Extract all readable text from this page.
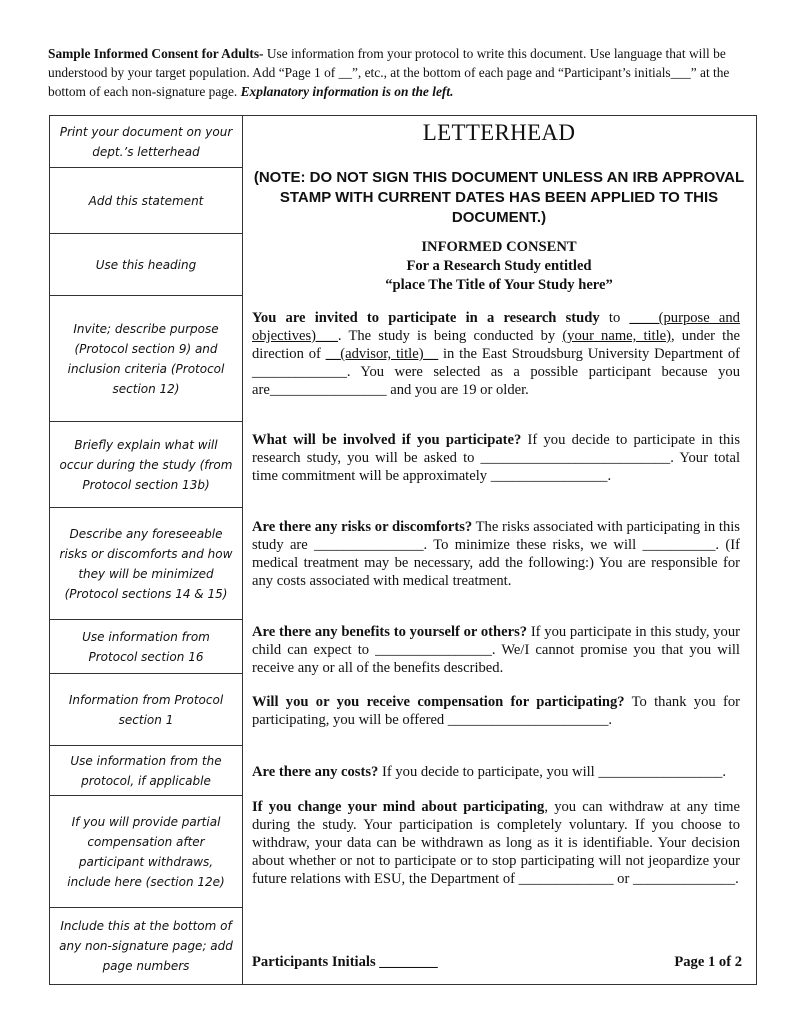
Sample Informed Consent for Adults- Use information from your protocol to write this document. Use language that will be understood by your target population. Add “Page 1 of __”, etc., at the bottom of each page and “Participant’s initials___” at the bottom of each non-signature page. Explanatory information is on the left.
Print your document on your dept.’s letterhead
Add this statement
Use this heading
Invite; describe purpose (Protocol section 9) and inclusion criteria (Protocol section 12)
Briefly explain what will occur during the study (from Protocol section 13b)
Describe any foreseeable risks or discomforts and how they will be minimized (Protocol sections 14 & 15)
Use information from Protocol section 16
Information from Protocol section 1
Use information from the protocol, if applicable
If you will provide partial compensation after participant withdraws, include here (section 12e)
Include this at the bottom of any non-signature page; add page numbers
LETTERHEAD
(NOTE: DO NOT SIGN THIS DOCUMENT UNLESS AN IRB APPROVAL STAMP WITH CURRENT DATES HAS BEEN APPLIED TO THIS DOCUMENT.)
INFORMED CONSENT
For a Research Study entitled
“place The Title of Your Study here”
You are invited to participate in a research study to ____(purpose and objectives)___. The study is being conducted by (your name, title), under the direction of __(advisor, title)__ in the East Stroudsburg University Department of _____________. You were selected as a possible participant because you are________________ and you are 19 or older.
What will be involved if you participate? If you decide to participate in this research study, you will be asked to __________________________. Your total time commitment will be approximately ________________.
Are there any risks or discomforts? The risks associated with participating in this study are _______________. To minimize these risks, we will __________. (If medical treatment may be necessary, add the following:) You are responsible for any costs associated with medical treatment.
Are there any benefits to yourself or others? If you participate in this study, your child can expect to ________________. We/I cannot promise you that you will receive any or all of the benefits described.
Will you or you receive compensation for participating? To thank you for participating, you will be offered ______________________.
Are there any costs? If you decide to participate, you will _________________.
If you change your mind about participating, you can withdraw at any time during the study. Your participation is completely voluntary. If you choose to withdraw, your data can be withdrawn as long as it is identifiable. Your decision about whether or not to participate or to stop participating will not jeopardize your future relations with ESU, the Department of _____________ or ______________.
Participants Initials ________	Page 1 of 2
